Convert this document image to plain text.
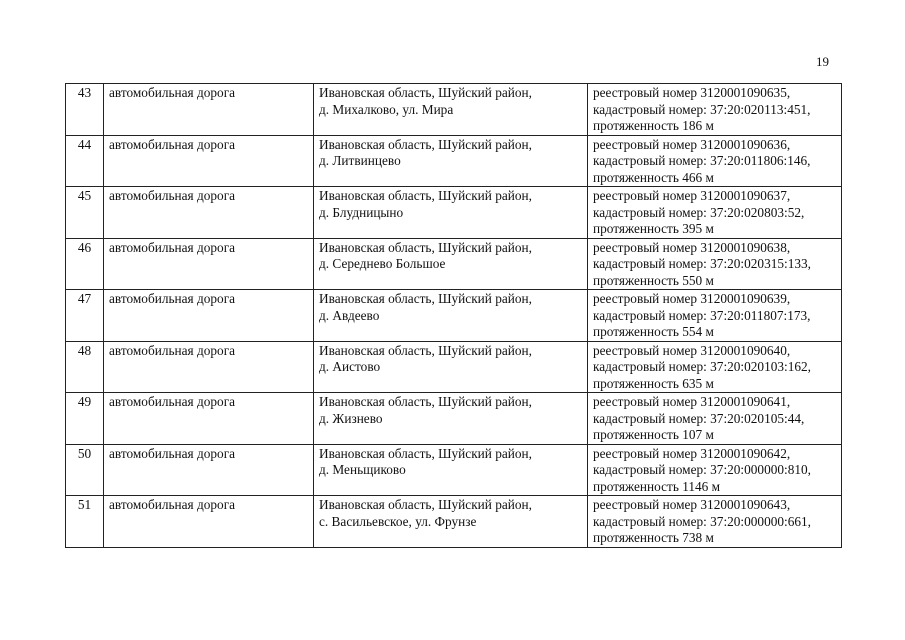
19
43	автомобильная дорога	Ивановская область, Шуйский район,
д. Михалково, ул. Мира	реестровый номер 3120001090635,
кадастровый номер: 37:20:020113:451,
протяженность 186 м

44	автомобильная дорога	Ивановская область, Шуйский район,
д. Литвинцево	реестровый номер 3120001090636,
кадастровый номер: 37:20:011806:146,
протяженность 466 м

45	автомобильная дорога	Ивановская область, Шуйский район,
д. Блудницыно	реестровый номер 3120001090637,
кадастровый номер: 37:20:020803:52,
протяженность 395 м

46	автомобильная дорога	Ивановская область, Шуйский район,
д. Середнево Большое	реестровый номер 3120001090638,
кадастровый номер: 37:20:020315:133,
протяженность 550 м

47	автомобильная дорога	Ивановская область, Шуйский район,
д. Авдеево	реестровый номер 3120001090639,
кадастровый номер: 37:20:011807:173,
протяженность 554 м

48	автомобильная дорога	Ивановская область, Шуйский район,
д. Аистово	реестровый номер 3120001090640,
кадастровый номер: 37:20:020103:162,
протяженность 635 м

49	автомобильная дорога	Ивановская область, Шуйский район,
д. Жизнево	реестровый номер 3120001090641,
кадастровый номер: 37:20:020105:44,
протяженность 107 м

50	автомобильная дорога	Ивановская область, Шуйский район,
д. Меньщиково	реестровый номер 3120001090642,
кадастровый номер: 37:20:000000:810,
протяженность 1146 м

51	автомобильная дорога	Ивановская область, Шуйский район,
с. Васильевское, ул. Фрунзе	реестровый номер 3120001090643,
кадастровый номер: 37:20:000000:661,
протяженность 738 м
